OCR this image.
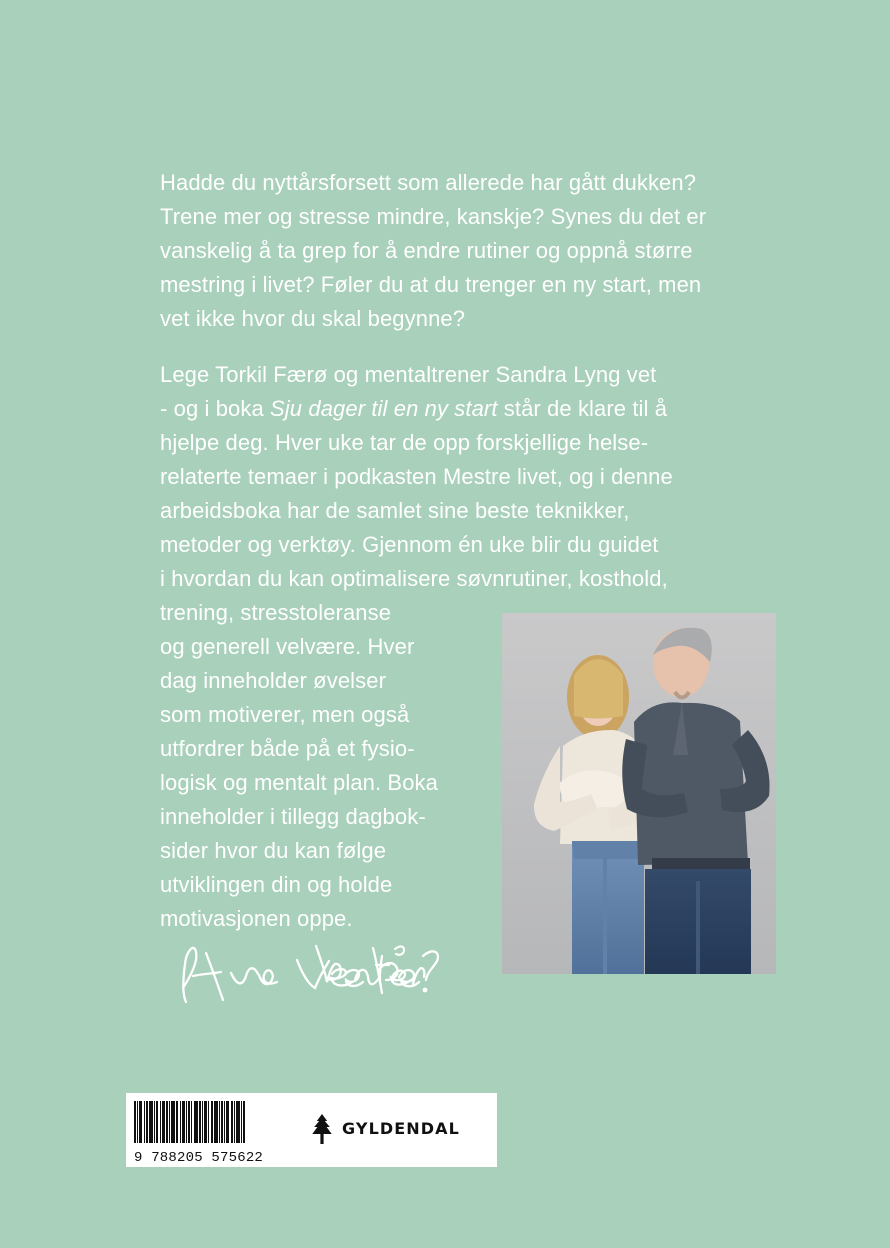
Hadde du nyttårsforsett som allerede har gått dukken?
Trene mer og stresse mindre, kanskje? Synes du det er
vanskelig å ta grep for å endre rutiner og oppnå større
mestring i livet? Føler du at du trenger en ny start, men
vet ikke hvor du skal begynne?
Lege Torkil Færø og mentaltrener Sandra Lyng vet
- og i boka Sju dager til en ny start står de klare til å
hjelpe deg. Hver uke tar de opp forskjellige helse-
relaterte temaer i podkasten Mestre livet, og i denne
arbeidsboka har de samlet sine beste teknikker,
metoder og verktøy. Gjennom én uke blir du guidet
i hvordan du kan optimalisere søvnrutiner, kosthold,
trening, stresstoleranse
og generell velvære. Hver
dag inneholder øvelser
som motiverer, men også
utfordrer både på et fysio-
logisk og mentalt plan. Boka
inneholder i tillegg dagbok-
sider hvor du kan følge
utviklingen din og holde
motivasjonen oppe.
9 788205 575622
GYLDENDAL
